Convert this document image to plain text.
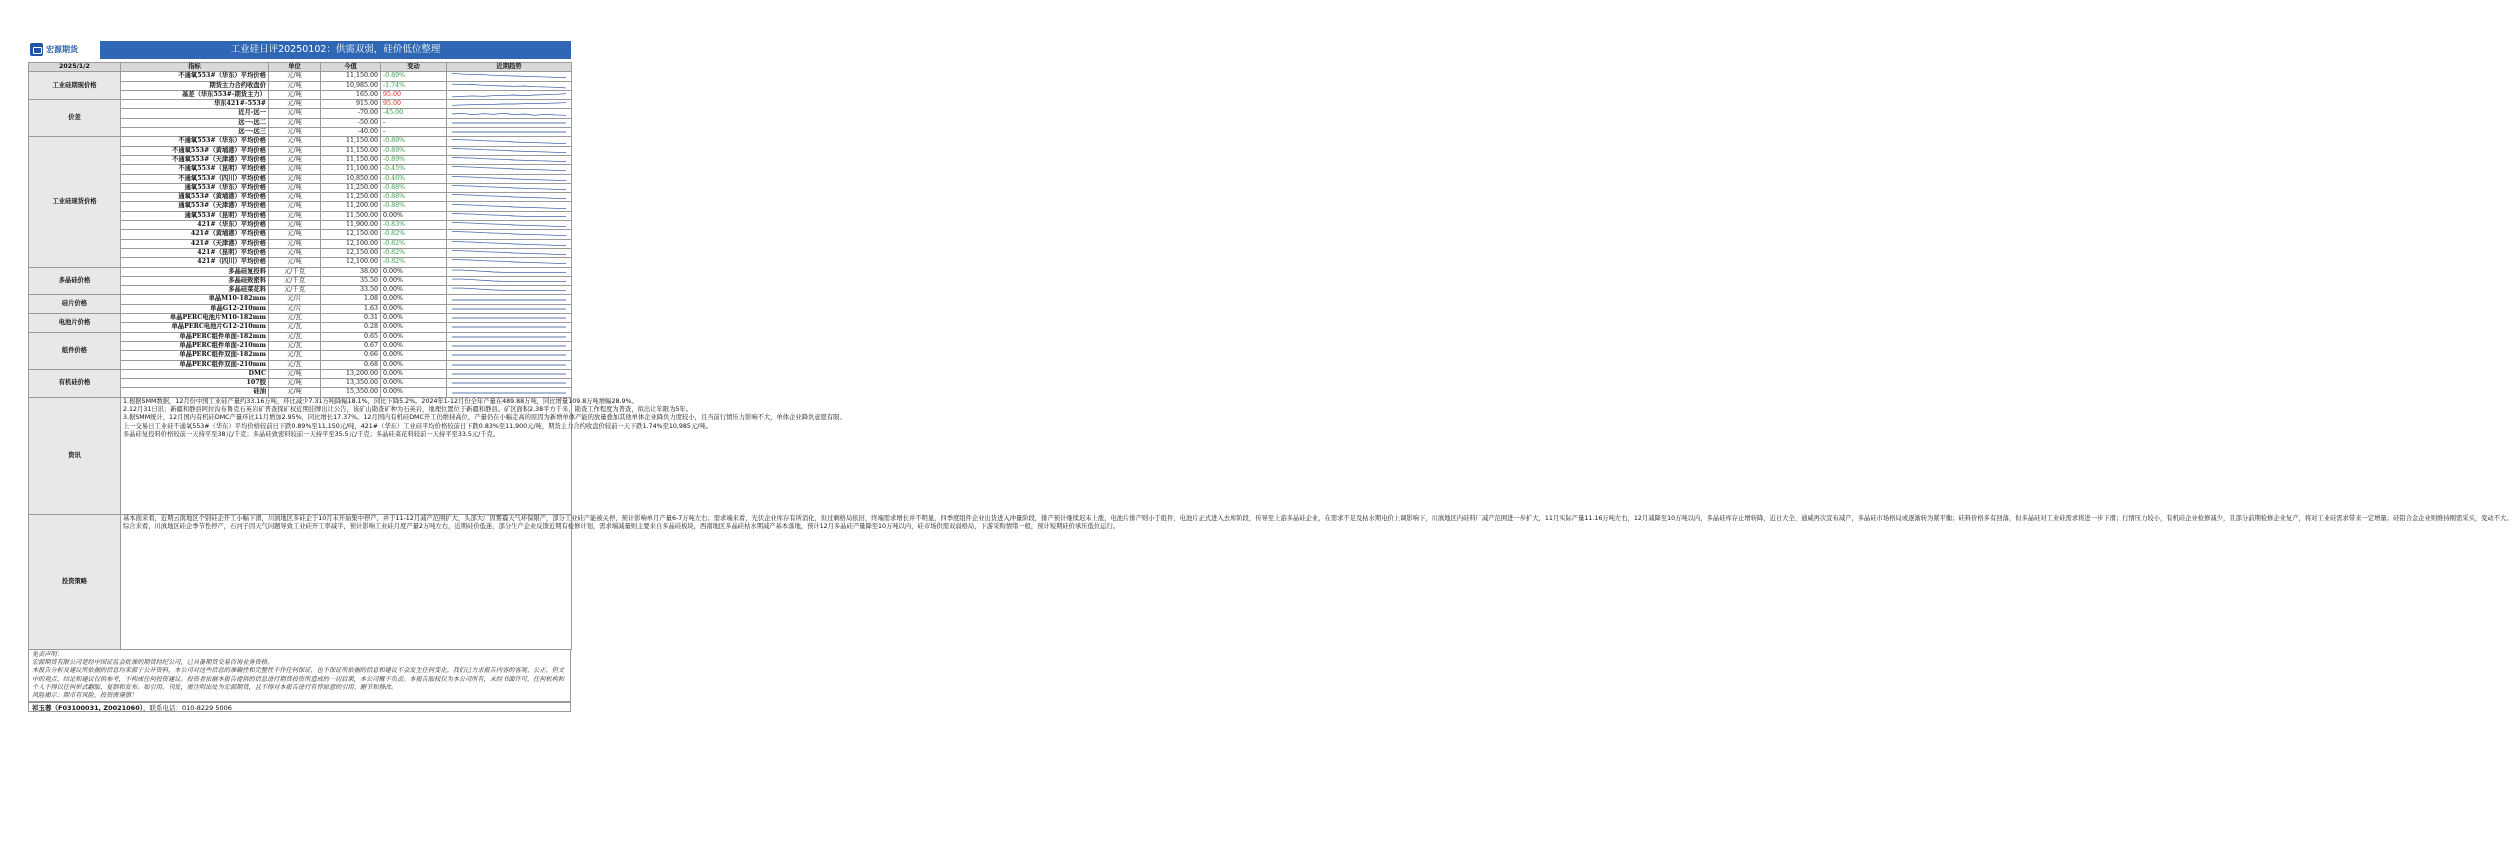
宏源期货	工业硅日评20250102：供需双弱，硅价低位整理
2025/1/2	指标	单位	今值	变动	近期趋势
工业硅期现价格	不通氧553#（华东）平均价格	元/吨	11,150.00	-0.89%	

	期货主力合约收盘价	元/吨	10,985.00	-1.74%	

	基差（华东553#-期货主力）	元/吨	165.00	95.00	

价差	华东421#-553#	元/吨	915.00	95.00	

	近月-远一	元/吨	-70.00	-45.00	

	远一-远二	元/吨	-50.00	-	

	远一-远三	元/吨	-40.00	-	

工业硅现货价格	不通氧553#（华东）平均价格	元/吨	11,150.00	-0.89%	

	不通氧553#（黄埔港）平均价格	元/吨	11,150.00	-0.89%	

	不通氧553#（天津港）平均价格	元/吨	11,150.00	-0.89%	

	不通氧553#（昆明）平均价格	元/吨	11,100.00	-0.45%	

	不通氧553#（四川）平均价格	元/吨	10,850.00	-0.46%	

	通氧553#（华东）平均价格	元/吨	11,250.00	-0.88%	

	通氧553#（黄埔港）平均价格	元/吨	11,250.00	-0.88%	

	通氧553#（天津港）平均价格	元/吨	11,200.00	-0.88%	

	通氧553#（昆明）平均价格	元/吨	11,500.00	0.00%	

	421#（华东）平均价格	元/吨	11,900.00	-0.83%	

	421#（黄埔港）平均价格	元/吨	12,150.00	-0.82%	

	421#（天津港）平均价格	元/吨	12,100.00	-0.82%	

	421#（昆明）平均价格	元/吨	12,150.00	-0.82%	

	421#（四川）平均价格	元/吨	12,100.00	-0.82%	

多晶硅价格	多晶硅复投料	元/千克	38.00	0.00%	

	多晶硅致密料	元/千克	35.50	0.00%	

	多晶硅菜花料	元/千克	33.50	0.00%	

硅片价格	单晶M10-182mm	元/片	1.08	0.00%	

	单晶G12-210mm	元/片	1.63	0.00%	

电池片价格	单晶PERC电池片M10-182mm	元/瓦	0.31	0.00%	

	单晶PERC电池片G12-210mm	元/瓦	0.28	0.00%	

组件价格	单晶PERC组件单面-182mm	元/瓦	0.65	0.00%	

	单晶PERC组件单面-210mm	元/瓦	0.67	0.00%	

	单晶PERC组件双面-182mm	元/瓦	0.66	0.00%	

	单晶PERC组件双面-210mm	元/瓦	0.68	0.00%	

有机硅价格	DMC	元/吨	13,200.00	0.00%	

	107胶	元/吨	13,350.00	0.00%	

	硅油	元/吨	15,350.00	0.00%	

资讯	1.根据SMM数据，12月份中国工业硅产量约33.16万吨，环比减少7.31万吨降幅18.1%，同比下降5.2%。2024年1-12月份全年产量在489.88万吨，同比增量109.8万吨增幅28.9%。

2.12月31日讯：新疆和静县阿拉沟布鲁克石英岩矿普查探矿权近期挂牌出让公告，该矿山勘查矿种为石英岩，地理位置位于新疆和静县。矿区面积2.38平方千米，勘查工作程度为普查，拟出让年限为5年。

3.据SMM统计，12月国内有机硅DMC产量环比11月增加2.95%，同比增长17.37%。12月国内有机硅DMC开工仍维持高位，产量仍在小幅走高的原因为新增单体产能的放量叠加其他单体企业降负力度较小，且当前行情压力影响不大，单体企业降负意愿有限。

上一交易日工业硅不通氧553#（华东）平均价格较前日下跌0.89%至11,150元/吨，421#（华东）工业硅平均价格较前日下跌0.83%至11,900元/吨，期货主力合约收盘价较前一天下跌1.74%至10,985元/吨。

多晶硅复投料价格较前一天持平至38元/千克；多晶硅致密料较前一天持平至35.5元/千克；多晶硅菜花料较前一天持平至33.5元/千克。				

投资策略	基本面来看，近期云南地区个别硅企开工小幅下滑，川滇地区多硅企于10月末开始集中停产，并于11-12月减产范围扩大，头部大厂因雾霾天气环保限产，部分工业硅产能被关停，预计影响单月产量6-7万吨左右；需求端来看，光伏企业库存有所消化，但过剩格局依旧，终端需求增长并不明显，四季度组件企业出货进入冲量阶段，排产预计继续迟未上涨，电池片排产则小于组件，电池片正式进入去库阶段，传导至上游多晶硅企业，在需求不足及枯水期电价上调影响下，川滇地区内硅料厂减产范围进一步扩大，11月实际产量11.16万吨左右，12月减降至10万吨以内，多晶硅库存止增转降，近日大全、通威再次宣布减产，多晶硅市场格局或逐渐转为紧平衡；硅料价格多有回落，但多晶硅对工业硅需求将进一步下滑；行情压力较小，有机硅企业检修减少，且部分前期检修企业复产，将对工业硅需求带来一定增量；硅铝合金企业则维持刚需采买，变动不大。

综合来看，川滇地区硅企季节性停产，石河子因天气问题导致工业硅开工率减半，预计影响工业硅月度产量2万吨左右，近期硅价低迷，部分生产企业反馈近期有检修计划，需求端减量则主要来自多晶硅板块，西南地区多晶硅枯水期减产基本落地，预计12月多晶硅产量降至10万吨以内，硅市场供需双弱格局，下游采购情绪一般，预计短期硅价承压低位运行。				

免责声明：

宏源期货有限公司是经中国证监会批准的期货经纪公司，已具备期货交易咨询业务资格。

本报告分析及建议所依据的信息均来源于公开资料，本公司对这些信息的准确性和完整性不作任何保证，也不保证所依据的信息和建议不会发生任何变化。我们已力求报告内容的客观、公正，但文中的观点、结论和建议仅供参考，不构成任何投资建议。投资者依据本报告提供的信息进行期货投资所造成的一切后果，本公司概不负责。本报告版权仅为本公司所有，未经书面许可，任何机构和个人不得以任何形式翻版、复制和发布。如引用、刊发，需注明出处为宏源期货，且不得对本报告进行有悖原意的引用、删节和修改。

风险揭示：期市有风险，投资需谨慎！

祁玉蓉（F03100031, Z0021060），联系电话：010-8229 5006
